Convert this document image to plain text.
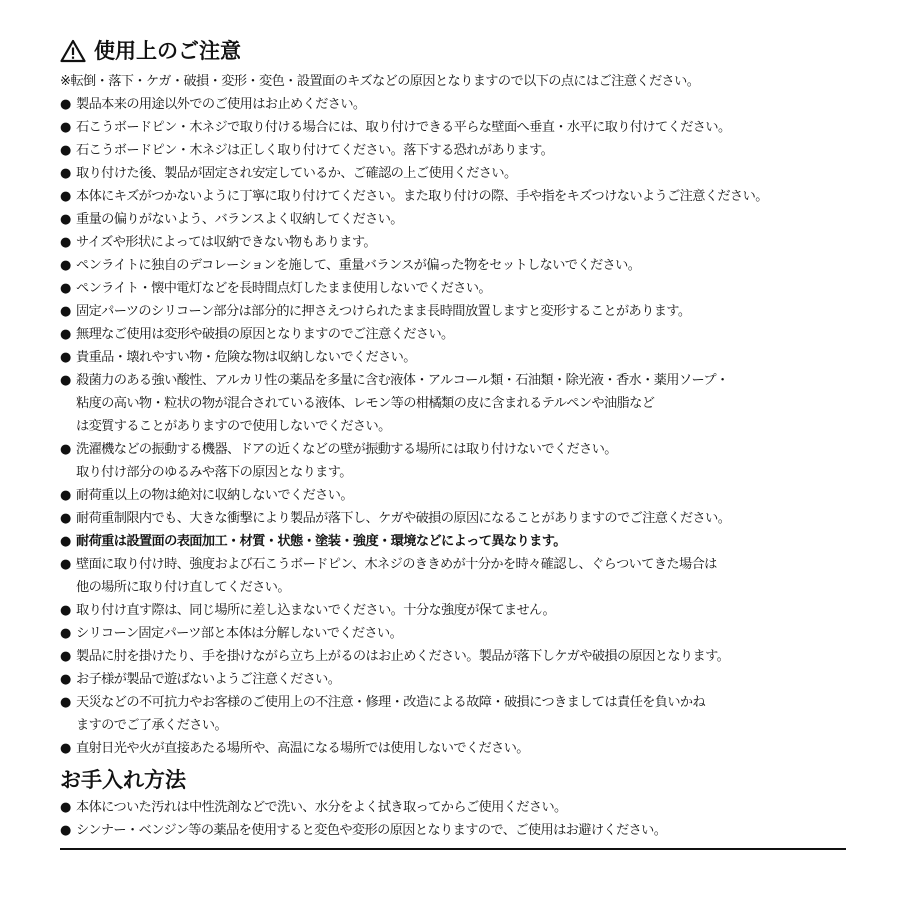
使用上のご注意

※転倒・落下・ケガ・破損・変形・変色・設置面のキズなどの原因となりますので以下の点にはご注意ください。

● 製品本来の用途以外でのご使用はお止めください。
● 石こうボードピン・木ネジで取り付ける場合には、取り付けできる平らな壁面へ垂直・水平に取り付けてください。
● 石こうボードピン・木ネジは正しく取り付けてください。落下する恐れがあります。
● 取り付けた後、製品が固定され安定しているか、ご確認の上ご使用ください。
● 本体にキズがつかないように丁寧に取り付けてください。また取り付けの際、手や指をキズつけないようご注意ください。
● 重量の偏りがないよう、バランスよく収納してください。
● サイズや形状によっては収納できない物もあります。
● ペンライトに独自のデコレーションを施して、重量バランスが偏った物をセットしないでください。
● ペンライト・懐中電灯などを長時間点灯したまま使用しないでください。
● 固定パーツのシリコーン部分は部分的に押さえつけられたまま長時間放置しますと変形することがあります。
● 無理なご使用は変形や破損の原因となりますのでご注意ください。
● 貴重品・壊れやすい物・危険な物は収納しないでください。
● 殺菌力のある強い酸性、アルカリ性の薬品を多量に含む液体・アルコール類・石油類・除光液・香水・薬用ソープ・
粘度の高い物・粒状の物が混合されている液体、レモン等の柑橘類の皮に含まれるテルペンや油脂など
は変質することがありますので使用しないでください。
● 洗濯機などの振動する機器、ドアの近くなどの壁が振動する場所には取り付けないでください。
取り付け部分のゆるみや落下の原因となります。
● 耐荷重以上の物は絶対に収納しないでください。
● 耐荷重制限内でも、大きな衝撃により製品が落下し、ケガや破損の原因になることがありますのでご注意ください。
● 耐荷重は設置面の表面加工・材質・状態・塗装・強度・環境などによって異なります。
● 壁面に取り付け時、強度および石こうボードピン、木ネジのききめが十分かを時々確認し、ぐらついてきた場合は
他の場所に取り付け直してください。
● 取り付け直す際は、同じ場所に差し込まないでください。十分な強度が保てません。
● シリコーン固定パーツ部と本体は分解しないでください。
● 製品に肘を掛けたり、手を掛けながら立ち上がるのはお止めください。製品が落下しケガや破損の原因となります。
● お子様が製品で遊ばないようご注意ください。
● 天災などの不可抗力やお客様のご使用上の不注意・修理・改造による故障・破損につきましては責任を負いかね
ますのでご了承ください。
● 直射日光や火が直接あたる場所や、高温になる場所では使用しないでください。
お手入れ方法
● 本体についた汚れは中性洗剤などで洗い、水分をよく拭き取ってからご使用ください。
● シンナー・ベンジン等の薬品を使用すると変色や変形の原因となりますので、ご使用はお避けください。
